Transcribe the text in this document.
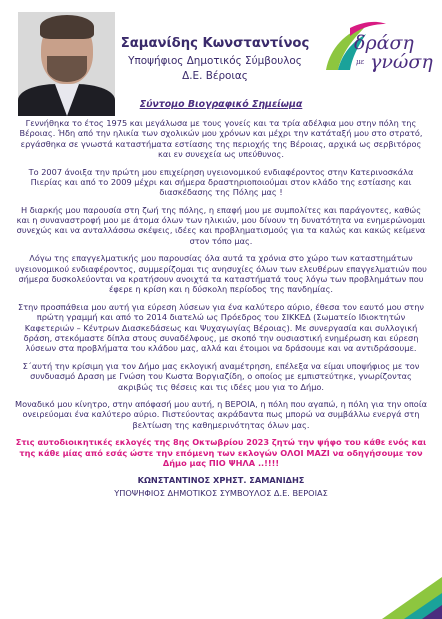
Σαμανίδης Κωνσταντίνος
Υποψήφιος Δημοτικός Σύμβουλος
Δ.Ε. Βέροιας
δράση
με γνώση
Σύντομο Βιογραφικό Σημείωμα

Γεννήθηκα το έτος 1975 και μεγάλωσα με τους γονείς και τα τρία αδέλφια μου στην πόλη της Βέροιας. Ήδη από την ηλικία των σχολικών μου χρόνων και μέχρι την κατάταξή μου στο στρατό, εργάσθηκα σε γνωστά καταστήματα εστίασης της περιοχής της Βέροιας, αρχικά ως σερβιτόρος και εν συνεχεία ως υπεύθυνος.

Το 2007 άνοιξα την πρώτη μου επιχείρηση υγειονομικού ενδιαφέροντος στην Κατερινοσκάλα Πιερίας και από το 2009 μέχρι και σήμερα δραστηριοποιούμαι στον κλάδο της εστίασης και διασκέδασης της Πόλης μας !

Η διαρκής μου παρουσία στη ζωή της πόλης, η επαφή μου με συμπολίτες και παράγοντες, καθώς και η συναναστροφή μου με άτομα όλων των ηλικιών, μου δίνουν τη δυνατότητα να ενημερώνομαι συνεχώς και να ανταλλάσσω σκέψεις, ιδέες και προβληματισμούς για τα καλώς και κακώς κείμενα στον τόπο μας.

Λόγω της επαγγελματικής μου παρουσίας όλα αυτά τα χρόνια στο χώρο των καταστημάτων υγειονομικού ενδιαφέροντος, συμμερίζομαι τις ανησυχίες όλων των ελευθέρων επαγγελματιών που σήμερα δυσκολεύονται να κρατήσουν ανοιχτά τα καταστήματά τους λόγω των προβλημάτων που έφερε η κρίση και η δύσκολη περίοδος της πανδημίας.

Στην προσπάθεια μου αυτή για εύρεση λύσεων για ένα καλύτερο αύριο, έθεσα τον εαυτό μου στην πρώτη γραμμή και από το 2014 διατελώ ως Πρόεδρος του ΣΙΚΚΕΔ (Σωματείο Ιδιοκτητών Καφετεριών – Κέντρων Διασκεδάσεως και Ψυχαγωγίας Βέροιας). Με συνεργασία και συλλογική δράση, στεκόμαστε δίπλα στους συναδέλφους, με σκοπό την ουσιαστική ενημέρωση και εύρεση λύσεων στα προβλήματα του κλάδου μας, αλλά και έτοιμοι να δράσουμε και να αντιδράσουμε.

Σ΄αυτή την κρίσιμη για τον Δήμο μας εκλογική αναμέτρηση, επέλεξα να είμαι υποψήφιος με τον συνδυασμό Δραση με Γνώση του Κωστα Βοργιαζίδη, ο οποίος με εμπιστεύτηκε, γνωρίζοντας ακριβώς τις θέσεις και τις ιδέες μου για το Δήμο.

Μοναδικό μου κίνητρο, στην απόφασή μου αυτή, η ΒΕΡΟΙΑ, η πόλη που αγαπώ, η πόλη για την οποία ονειρεύομαι ένα καλύτερο αύριο. Πιστεύοντας ακράδαντα πως μπορώ να συμβάλλω ενεργά στη βελτίωση της καθημερινότητας όλων μας.

Στις αυτοδιοικητικές εκλογές της 8ης Οκτωβρίου 2023 ζητώ την ψήφο του κάθε ενός και της κάθε μίας από εσάς ώστε την επόμενη των εκλογών ΟΛΟΙ ΜΑΖΙ να οδηγήσουμε τον Δήμο μας ΠΙΟ ΨΗΛΑ ..!!!!

ΚΩΝΣΤΑΝΤΙΝΟΣ ΧΡΗΣΤ. ΣΑΜΑΝΙΔΗΣ

ΥΠΟΨΗΦΙΟΣ ΔΗΜΟΤΙΚΟΣ ΣΥΜΒΟΥΛΟΣ Δ.Ε. ΒΕΡΟΙΑΣ
